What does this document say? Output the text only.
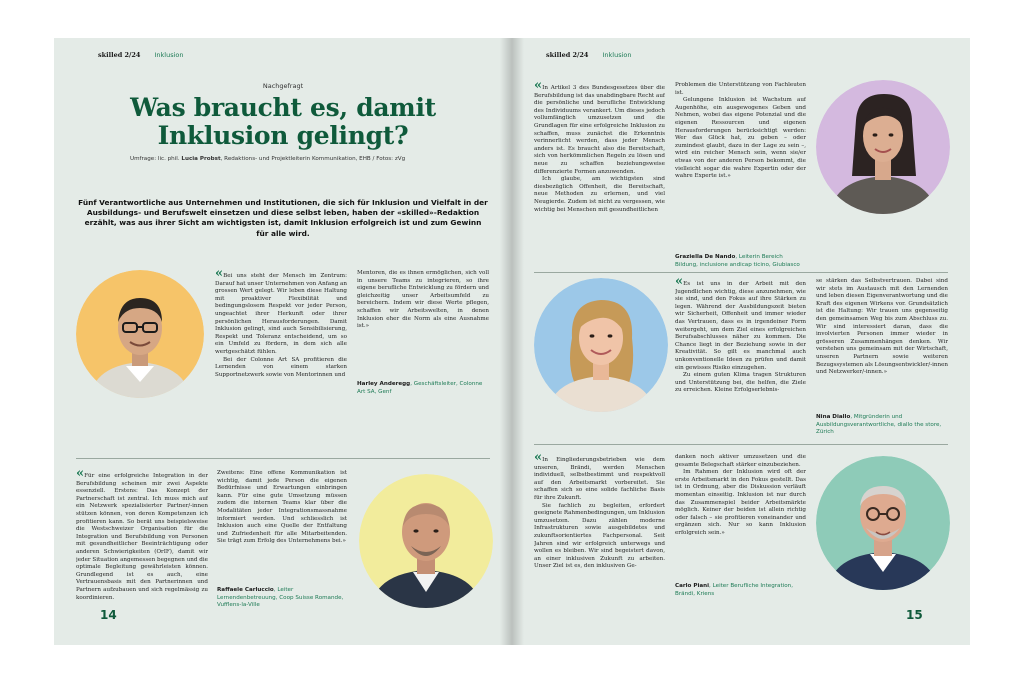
skilled 2/24 Inklusion
Nachgefragt
Was braucht es, damit
Inklusion gelingt?
Umfrage: lic. phil. Lucia Probst, Redaktions- und Projektleiterin Kommunikation, EHB / Fotos: zVg
Fünf Verantwortliche aus Unternehmen und Institutionen, die sich für Inklusion und Vielfalt in der Ausbildungs- und Berufswelt einsetzen und diese selbst leben, haben der «skilled»-Redaktion erzählt, was aus ihrer Sicht am wichtigsten ist, damit Inklusion erfolgreich ist und zum Gewinn für alle wird.

«Bei uns steht der Mensch im Zentrum: Darauf hat unser Unternehmen von Anfang an grossen Wert gelegt. Wir leben diese Haltung mit proaktiver Flexibilität und bedingungslosem Respekt vor jeder Person, ungeachtet ihrer Herkunft oder ihrer persönlichen Herausforderungen. Damit Inklusion gelingt, sind auch Sensibilisierung, Respekt und Toleranz entscheidend, um so ein Umfeld zu fördern, in dem sich alle wertgeschätzt fühlen.

Bei der Colonne Art SA profitieren die Lernenden von einem starken Supportnetzwerk sowie von Mentorinnen und

Mentoren, die es ihnen ermöglichen, sich voll in unsere Teams zu integrieren, so ihre eigene berufliche Entwicklung zu fördern und gleichzeitig unser Arbeitsumfeld zu bereichern. Indem wir diese Werte pflegen, schaffen wir Arbeitswelten, in denen Inklusion eher die Norm als eine Ausnahme ist.»

Harley Anderegg, Geschäftsleiter, Colonne Art SA, Genf

«Für eine erfolgreiche Integration in der Berufsbildung scheinen mir zwei Aspekte essenziell. Erstens: Das Konzept der Partnerschaft ist zentral. Ich muss mich auf ein Netzwerk spezialisierter Partner/-innen stützen können, von deren Kompetenzen ich profitieren kann. So berät uns beispielsweise die Westschweizer Organisation für die Integration und Berufsbildung von Personen mit gesundheitlicher Beeinträchtigung oder anderen Schwierigkeiten (OrIF), damit wir jeder Situation angemessen begegnen und die optimale Begleitung gewährleisten können. Grundlegend ist es auch, eine Vertrauensbasis mit den Partnerinnen und Partnern aufzubauen und sich regelmässig zu koordinieren.

Zweitens: Eine offene Kommunikation ist wichtig, damit jede Person die eigenen Bedürfnisse und Erwartungen einbringen kann. Für eine gute Umsetzung müssen zudem die internen Teams klar über die Modalitäten jeder Integrationsmassnahme informiert werden. Und schliesslich ist Inklusion auch eine Quelle der Entfaltung und Zufriedenheit für alle Mitarbeitenden. Sie trägt zum Erfolg des Unternehmens bei.»

Raffaele Carluccio, Leiter Lernendenbetreuung, Coop Suisse Romande, Vufflens-la-Ville
14
skilled 2/24 Inklusion

«In Artikel 3 des Bundesgesetzes über die Berufsbildung ist das unabdingbare Recht auf die persönliche und berufliche Entwicklung des Individuums verankert. Um dieses jedoch vollumfänglich umzusetzen und die Grundlagen für eine erfolgreiche Inklusion zu schaffen, muss zunächst die Erkenntnis verinnerlicht werden, dass jeder Mensch anders ist. Es braucht also die Bereitschaft, sich von herkömmlichen Regeln zu lösen und neue zu schaffen beziehungsweise differenzierte Formen anzuwenden.

Ich glaube, am wichtigsten sind diesbezüglich Offenheit, die Bereitschaft, neue Methoden zu erlernen, und viel Neugierde. Zudem ist nicht zu vergessen, wie wichtig bei Menschen mit gesundheitlichen

Problemen die Unterstützung von Fachleuten ist.

Gelungene Inklusion ist Wachstum auf Augenhöhe, ein ausgewogenes Geben und Nehmen, wobei das eigene Potenzial und die eigenen Ressourcen und eigenen Herausforderungen berücksichtigt werden: Wer das Glück hat, zu geben – oder zumindest glaubt, dazu in der Lage zu sein –, wird ein reicher Mensch sein, wenn sie/er etwas von der anderen Person bekommt, die vielleicht sogar die wahre Expertin oder der wahre Experte ist.»

Graziella De Nando, Leiterin Bereich Bildung, inclusione andicap ticino, Giubiasco

«Es ist uns in der Arbeit mit den Jugendlichen wichtig, diese anzunehmen, wie sie sind, und den Fokus auf ihre Stärken zu legen. Während der Ausbildungszeit bieten wir Sicherheit, Offenheit und immer wieder das Vertrauen, dass es in irgendeiner Form weitergeht, um dem Ziel eines erfolgreichen Berufsabschlusses näher zu kommen. Die Chance liegt in der Beziehung sowie in der Kreativität. So gilt es manchmal auch unkonventionelle Ideen zu prüfen und damit ein gewisses Risiko einzugehen.

Zu einem guten Klima tragen Strukturen und Unterstützung bei, die helfen, die Ziele zu erreichen. Kleine Erfolgserlebnis-

se stärken das Selbstvertrauen. Dabei sind wir stets im Austausch mit den Lernenden und leben diesen Eigenverantwortung und die Kraft des eigenen Wirkens vor. Grundsätzlich ist die Haltung: Wir trauen uns gegenseitig den gemeinsamen Weg bis zum Abschluss zu. Wir sind interessiert daran, dass die involvierten Personen immer wieder in grösseren Zusammenhängen denken. Wir verstehen uns gemeinsam mit der Wirtschaft, unseren Partnern sowie weiteren Bezugssystemen als Lösungsentwickler/-innen und Netzwerker/-innen.»

Nina Diallo, Mitgründerin und Ausbildungsverantwortliche, diallo the store, Zürich

«In Eingliederungsbetrieben wie dem unseren, Brändi, werden Menschen individuell, selbstbestimmt und respektvoll auf den Arbeitsmarkt vorbereitet. Sie schaffen sich so eine solide fachliche Basis für ihre Zukunft.

Sie fachlich zu begleiten, erfordert geeignete Rahmenbedingungen, um Inklusion umzusetzen. Dazu zählen moderne Infrastrukturen sowie ausgebildetes und zukunftsorientiertes Fachpersonal. Seit Jahren sind wir erfolgreich unterwegs und wollen es bleiben. Wir sind begeistert davon, an einer inklusiven Zukunft zu arbeiten. Unser Ziel ist es, den inklusiven Ge-

danken noch aktiver umzusetzen und die gesamte Belegschaft stärker einzubeziehen.

Im Rahmen der Inklusion wird oft der erste Arbeitsmarkt in den Fokus gestellt. Das ist in Ordnung, aber die Diskussion verläuft momentan einseitig. Inklusion ist nur durch das Zusammenspiel beider Arbeitsmärkte möglich. Keiner der beiden ist allein richtig oder falsch – sie profitieren voneinander und ergänzen sich. Nur so kann Inklusion erfolgreich sein.»

Carlo Piani, Leiter Berufliche Integration, Brändi, Kriens
15
